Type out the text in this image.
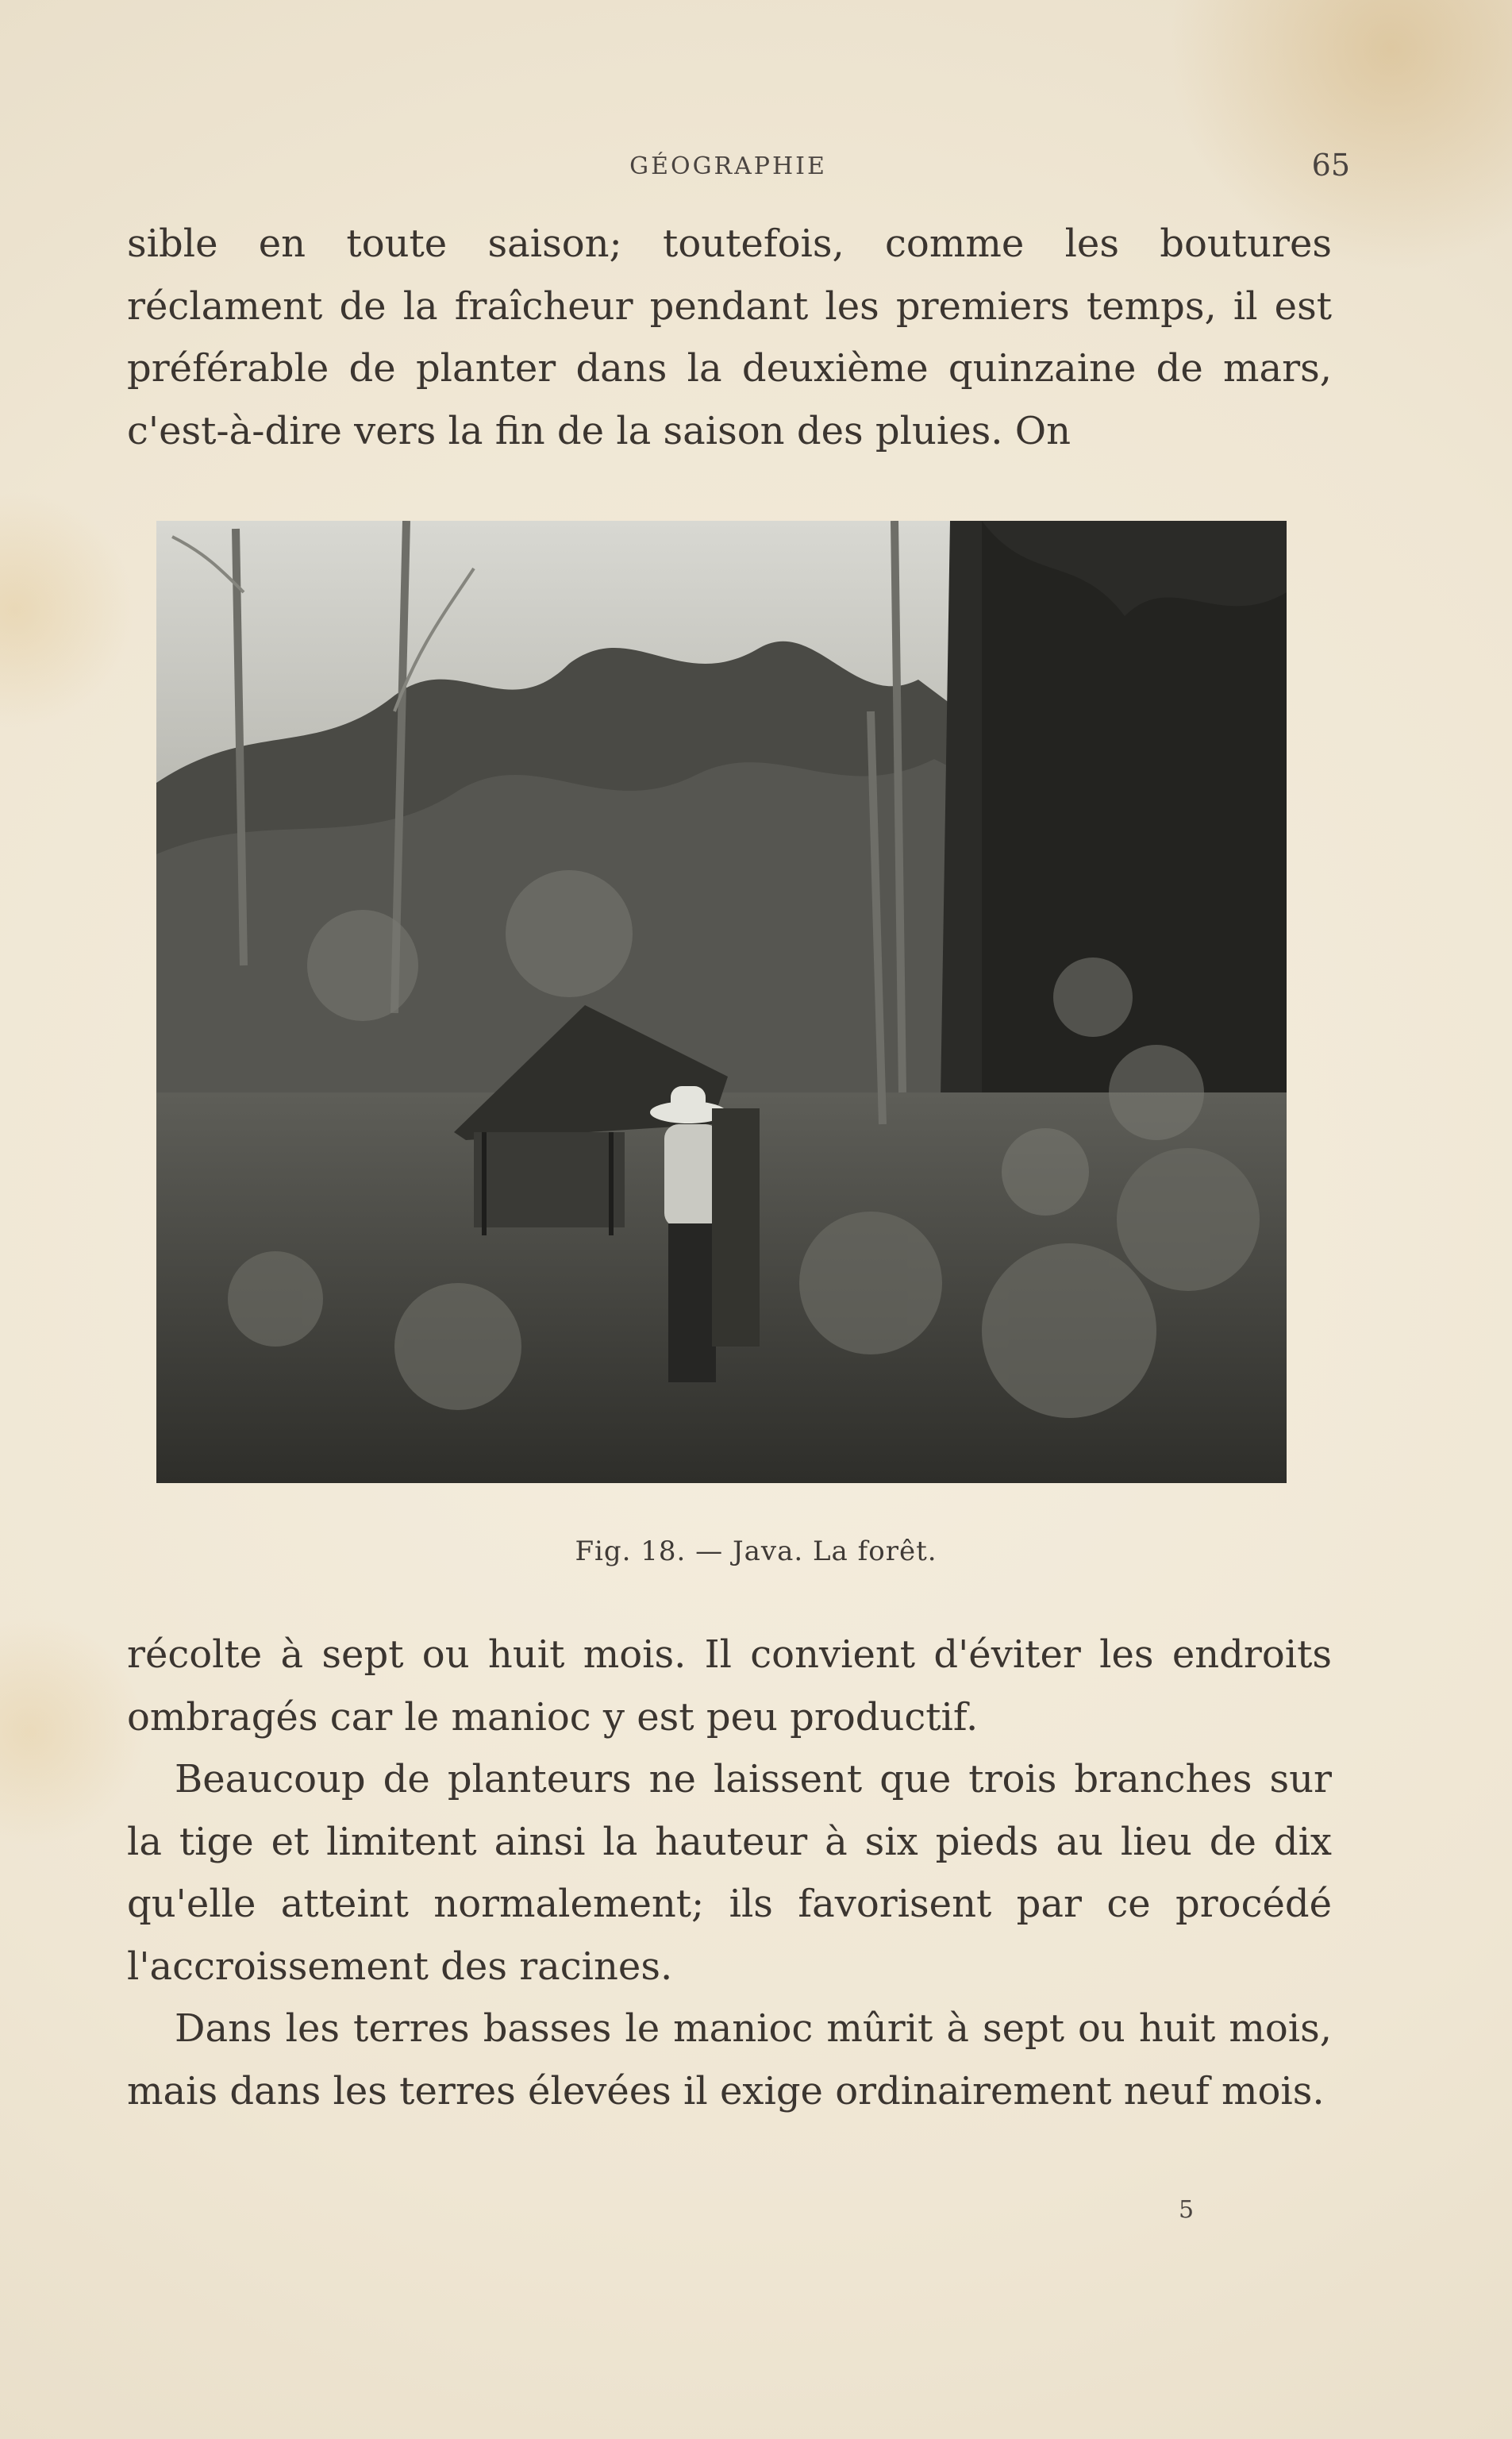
GÉOGRAPHIE	65

sible en toute saison; toutefois, comme les boutures réclament de la fraîcheur pendant les premiers temps, il est préférable de planter dans la deuxième quinzaine de mars, c'est-à-dire vers la fin de la saison des pluies. On

Fig. 18. — Java. La forêt.

récolte à sept ou huit mois. Il convient d'éviter les endroits ombragés car le manioc y est peu productif.

Beaucoup de planteurs ne laissent que trois branches sur la tige et limitent ainsi la hauteur à six pieds au lieu de dix qu'elle atteint normalement; ils favorisent par ce procédé l'accroissement des racines.

Dans les terres basses le manioc mûrit à sept ou huit mois, mais dans les terres élevées il exige ordinairement neuf mois.

5
